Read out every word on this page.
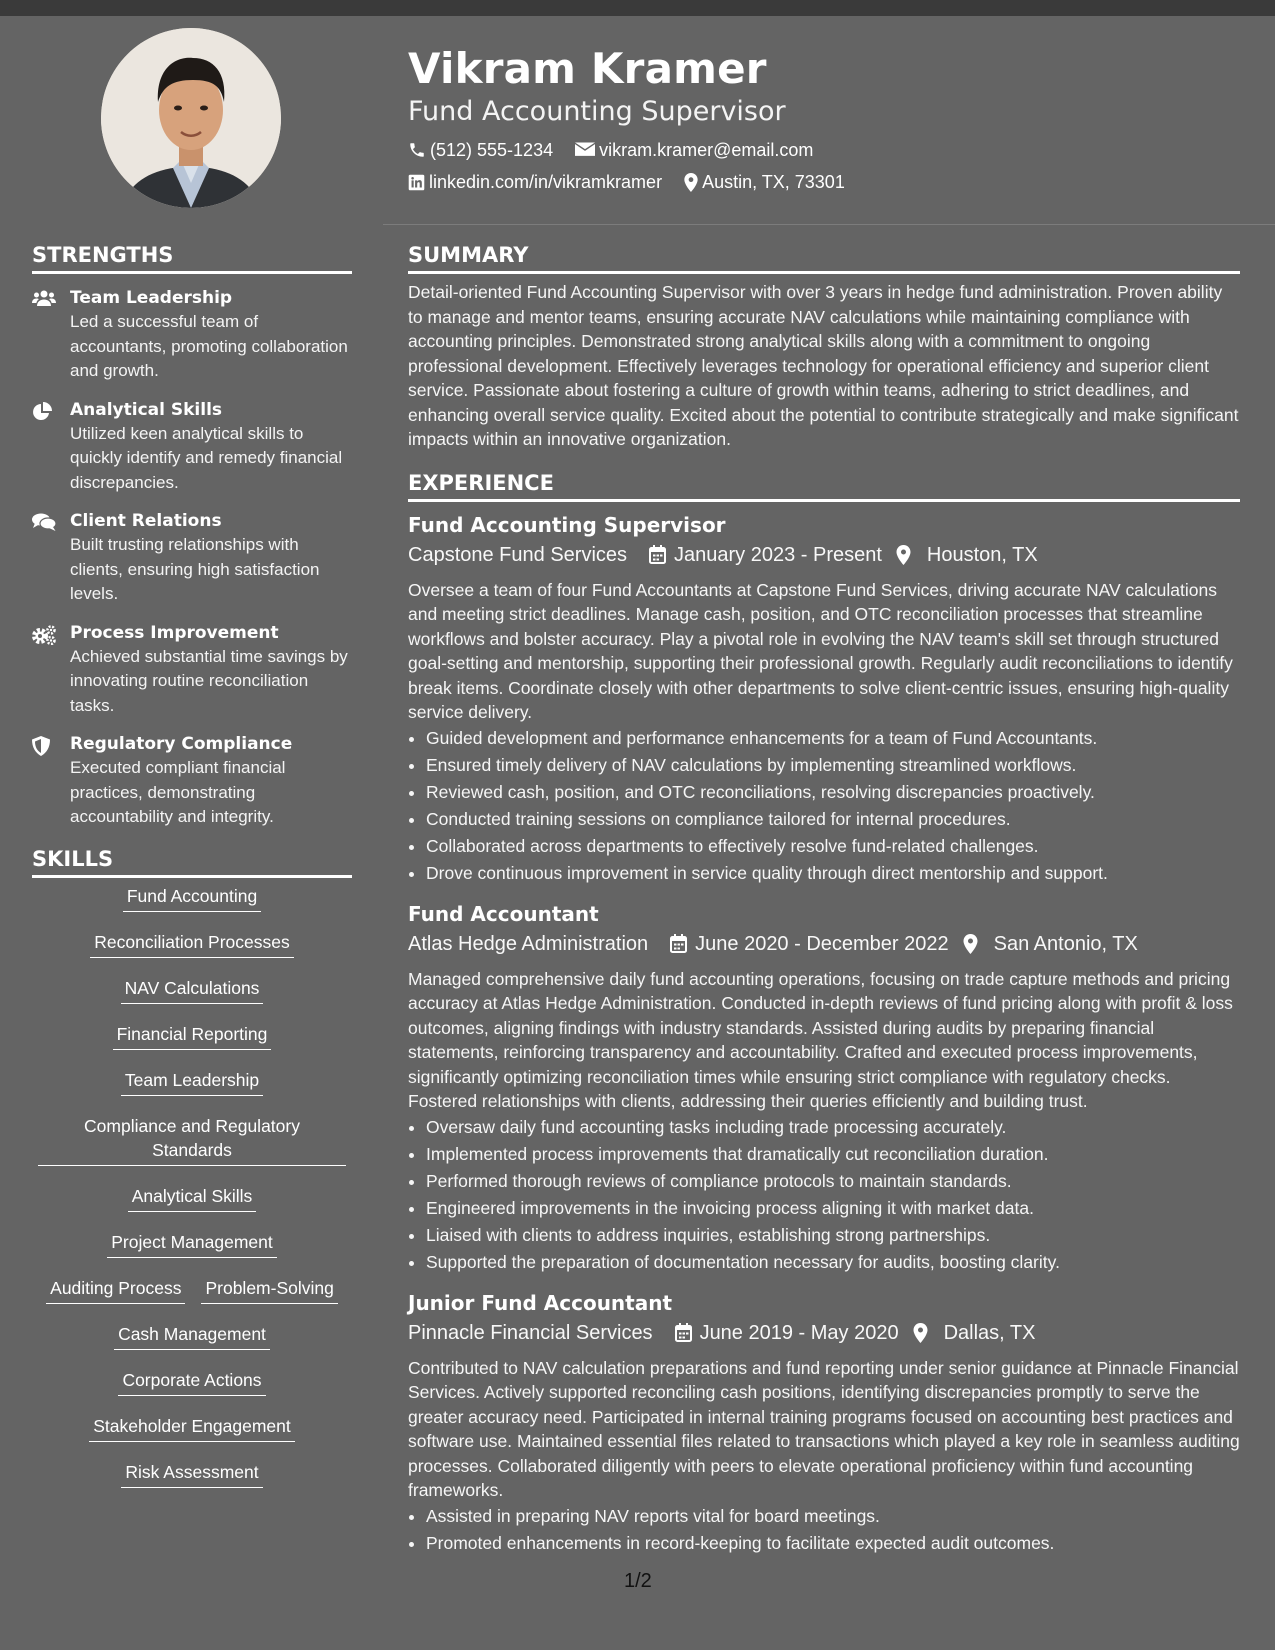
Vikram Kramer
Fund Accounting Supervisor
(512) 555-1234	vikram.kramer@email.com
linkedin.com/in/vikramkramer Austin, TX, 73301
STRENGTHS
Team Leadership
Led a successful team of accountants, promoting collaboration and growth.
Analytical Skills
Utilized keen analytical skills to quickly identify and remedy financial discrepancies.
Client Relations
Built trusting relationships with clients, ensuring high satisfaction levels.
Process Improvement
Achieved substantial time savings by innovating routine reconciliation tasks.
Regulatory Compliance
Executed compliant financial practices, demonstrating accountability and integrity.
SKILLS
Fund Accounting
Reconciliation Processes
NAV Calculations
Financial Reporting
Team Leadership
Compliance and Regulatory Standards
Analytical Skills
Project Management
Auditing Process Problem-Solving
Cash Management
Corporate Actions
Stakeholder Engagement
Risk Assessment
SUMMARY
Detail-oriented Fund Accounting Supervisor with over 3 years in hedge fund administration. Proven ability to manage and mentor teams, ensuring accurate NAV calculations while maintaining compliance with accounting principles. Demonstrated strong analytical skills along with a commitment to ongoing professional development. Effectively leverages technology for operational efficiency and superior client service. Passionate about fostering a culture of growth within teams, adhering to strict deadlines, and enhancing overall service quality. Excited about the potential to contribute strategically and make significant impacts within an innovative organization.
EXPERIENCE
Fund Accounting Supervisor
Capstone Fund Services January 2023 - Present Houston, TX
Oversee a team of four Fund Accountants at Capstone Fund Services, driving accurate NAV calculations and meeting strict deadlines. Manage cash, position, and OTC reconciliation processes that streamline workflows and bolster accuracy. Play a pivotal role in evolving the NAV team's skill set through structured goal-setting and mentorship, supporting their professional growth. Regularly audit reconciliations to identify break items. Coordinate closely with other departments to solve client-centric issues, ensuring high-quality service delivery.
• Guided development and performance enhancements for a team of Fund Accountants.
• Ensured timely delivery of NAV calculations by implementing streamlined workflows.
• Reviewed cash, position, and OTC reconciliations, resolving discrepancies proactively.
• Conducted training sessions on compliance tailored for internal procedures.
• Collaborated across departments to effectively resolve fund-related challenges.
• Drove continuous improvement in service quality through direct mentorship and support.
Fund Accountant
Atlas Hedge Administration June 2020 - December 2022 San Antonio, TX
Managed comprehensive daily fund accounting operations, focusing on trade capture methods and pricing accuracy at Atlas Hedge Administration. Conducted in-depth reviews of fund pricing along with profit & loss outcomes, aligning findings with industry standards. Assisted during audits by preparing financial statements, reinforcing transparency and accountability. Crafted and executed process improvements, significantly optimizing reconciliation times while ensuring strict compliance with regulatory checks. Fostered relationships with clients, addressing their queries efficiently and building trust.
• Oversaw daily fund accounting tasks including trade processing accurately.
• Implemented process improvements that dramatically cut reconciliation duration.
• Performed thorough reviews of compliance protocols to maintain standards.
• Engineered improvements in the invoicing process aligning it with market data.
• Liaised with clients to address inquiries, establishing strong partnerships.
• Supported the preparation of documentation necessary for audits, boosting clarity.
Junior Fund Accountant
Pinnacle Financial Services June 2019 - May 2020 Dallas, TX
Contributed to NAV calculation preparations and fund reporting under senior guidance at Pinnacle Financial Services. Actively supported reconciling cash positions, identifying discrepancies promptly to serve the greater accuracy need. Participated in internal training programs focused on accounting best practices and software use. Maintained essential files related to transactions which played a key role in seamless auditing processes. Collaborated diligently with peers to elevate operational proficiency within fund accounting frameworks.
• Assisted in preparing NAV reports vital for board meetings.
• Promoted enhancements in record-keeping to facilitate expected audit outcomes.
1/2
